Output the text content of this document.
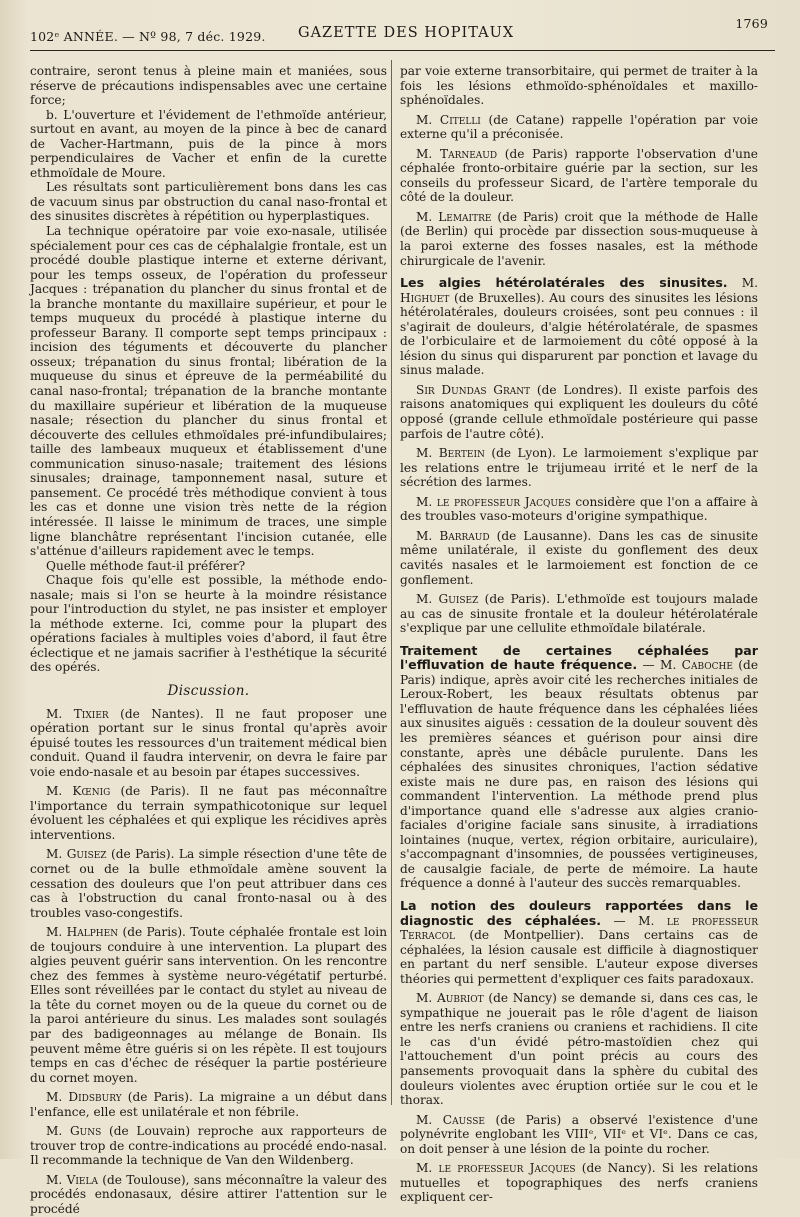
102ᵉ ANNÉE. — Nº 98, 7 déc. 1929. GAZETTE DES HOPITAUX
1769

contraire, seront tenus à pleine main et maniées, sous réserve de précautions indispensables avec une certaine force;

b. L'ouverture et l'évidement de l'ethmoïde antérieur, surtout en avant, au moyen de la pince à bec de canard de Vacher-Hartmann, puis de la pince à mors perpendiculaires de Vacher et enfin de la curette ethmoïdale de Moure.

Les résultats sont particulièrement bons dans les cas de vacuum sinus par obstruction du canal naso-frontal et des sinusites discrètes à répétition ou hyperplastiques.

La technique opératoire par voie exo-nasale, utilisée spécialement pour ces cas de céphalalgie frontale, est un procédé double plastique interne et externe dérivant, pour les temps osseux, de l'opération du professeur Jacques : trépanation du plancher du sinus frontal et de la branche montante du maxillaire supérieur, et pour le temps muqueux du procédé à plastique interne du professeur Barany. Il comporte sept temps principaux : incision des téguments et découverte du plancher osseux; trépanation du sinus frontal; libération de la muqueuse du sinus et épreuve de la perméabilité du canal naso-frontal; trépanation de la branche montante du maxillaire supérieur et libération de la muqueuse nasale; résection du plancher du sinus frontal et découverte des cellules ethmoïdales pré-infundibulaires; taille des lambeaux muqueux et établissement d'une communication sinuso-nasale; traitement des lésions sinusales; drainage, tamponnement nasal, suture et pansement. Ce procédé très méthodique convient à tous les cas et donne une vision très nette de la région intéressée. Il laisse le minimum de traces, une simple ligne blanchâtre représentant l'incision cutanée, elle s'atténue d'ailleurs rapidement avec le temps.

Quelle méthode faut-il préférer?

Chaque fois qu'elle est possible, la méthode endo-nasale; mais si l'on se heurte à la moindre résistance pour l'introduction du stylet, ne pas insister et employer la méthode externe. Ici, comme pour la plupart des opérations faciales à multiples voies d'abord, il faut être éclectique et ne jamais sacrifier à l'esthétique la sécurité des opérés.

Discussion.

M. Tixier (de Nantes). Il ne faut proposer une opération portant sur le sinus frontal qu'après avoir épuisé toutes les ressources d'un traitement médical bien conduit. Quand il faudra intervenir, on devra le faire par voie endo-nasale et au besoin par étapes successives.

M. Kœnig (de Paris). Il ne faut pas méconnaître l'importance du terrain sympathicotonique sur lequel évoluent les céphalées et qui explique les récidives après interventions.

M. Guisez (de Paris). La simple résection d'une tête de cornet ou de la bulle ethmoïdale amène souvent la cessation des douleurs que l'on peut attribuer dans ces cas à l'obstruction du canal fronto-nasal ou à des troubles vaso-congestifs.

M. Halphen (de Paris). Toute céphalée frontale est loin de toujours conduire à une intervention. La plupart des algies peuvent guérir sans intervention. On les rencontre chez des femmes à système neuro-végétatif perturbé. Elles sont réveillées par le contact du stylet au niveau de la tête du cornet moyen ou de la queue du cornet ou de la paroi antérieure du sinus. Les malades sont soulagés par des badigeonnages au mélange de Bonain. Ils peuvent même être guéris si on les répète. Il est toujours temps en cas d'échec de réséquer la partie postérieure du cornet moyen.

M. Didsbury (de Paris). La migraine a un début dans l'enfance, elle est unilatérale et non fébrile.

M. Guns (de Louvain) reproche aux rapporteurs de trouver trop de contre-indications au procédé endo-nasal. Il recommande la technique de Van den Wildenberg.

M. Viela (de Toulouse), sans méconnaître la valeur des procédés endonasaux, désire attirer l'attention sur le procédé

par voie externe transorbitaire, qui permet de traiter à la fois les lésions ethmoïdo-sphénoïdales et maxillo-sphénoïdales.

M. Citelli (de Catane) rappelle l'opération par voie externe qu'il a préconisée.

M. Tarneaud (de Paris) rapporte l'observation d'une céphalée fronto-orbitaire guérie par la section, sur les conseils du professeur Sicard, de l'artère temporale du côté de la douleur.

M. Lemaitre (de Paris) croit que la méthode de Halle (de Berlin) qui procède par dissection sous-muqueuse à la paroi externe des fosses nasales, est la méthode chirurgicale de l'avenir.

Les algies hétérolatérales des sinusites. M. Highuet (de Bruxelles). Au cours des sinusites les lésions hétérolatérales, douleurs croisées, sont peu connues : il s'agirait de douleurs, d'algie hétérolatérale, de spasmes de l'orbiculaire et de larmoiement du côté opposé à la lésion du sinus qui disparurent par ponction et lavage du sinus malade.

Sir Dundas Grant (de Londres). Il existe parfois des raisons anatomiques qui expliquent les douleurs du côté opposé (grande cellule ethmoïdale postérieure qui passe parfois de l'autre côté).

M. Bertein (de Lyon). Le larmoiement s'explique par les relations entre le trijumeau irrité et le nerf de la sécrétion des larmes.

M. le professeur Jacques considère que l'on a affaire à des troubles vaso-moteurs d'origine sympathique.

M. Barraud (de Lausanne). Dans les cas de sinusite même unilatérale, il existe du gonflement des deux cavités nasales et le larmoiement est fonction de ce gonflement.

M. Guisez (de Paris). L'ethmoïde est toujours malade au cas de sinusite frontale et la douleur hétérolatérale s'explique par une cellulite ethmoïdale bilatérale.

Traitement de certaines céphalées par l'effluvation de haute fréquence. — M. Caboche (de Paris) indique, après avoir cité les recherches initiales de Leroux-Robert, les beaux résultats obtenus par l'effluvation de haute fréquence dans les céphalées liées aux sinusites aiguës : cessation de la douleur souvent dès les premières séances et guérison pour ainsi dire constante, après une débâcle purulente. Dans les céphalées des sinusites chroniques, l'action sédative existe mais ne dure pas, en raison des lésions qui commandent l'intervention. La méthode prend plus d'importance quand elle s'adresse aux algies cranio-faciales d'origine faciale sans sinusite, à irradiations lointaines (nuque, vertex, région orbitaire, auriculaire), s'accompagnant d'insomnies, de poussées vertigineuses, de causalgie faciale, de perte de mémoire. La haute fréquence a donné à l'auteur des succès remarquables.

La notion des douleurs rapportées dans le diagnostic des céphalées. — M. le professeur Terracol (de Montpellier). Dans certains cas de céphalées, la lésion causale est difficile à diagnostiquer en partant du nerf sensible. L'auteur expose diverses théories qui permettent d'expliquer ces faits paradoxaux.

M. Aubriot (de Nancy) se demande si, dans ces cas, le sympathique ne jouerait pas le rôle d'agent de liaison entre les nerfs craniens ou craniens et rachidiens. Il cite le cas d'un évidé pétro-mastoïdien chez qui l'attouchement d'un point précis au cours des pansements provoquait dans la sphère du cubital des douleurs violentes avec éruption ortiée sur le cou et le thorax.

M. Causse (de Paris) a observé l'existence d'une polynévrite englobant les VIIIᵉ, VIIᵉ et VIᵉ. Dans ce cas, on doit penser à une lésion de la pointe du rocher.

M. le professeur Jacques (de Nancy). Si les relations mutuelles et topographiques des nerfs craniens expliquent cer-
